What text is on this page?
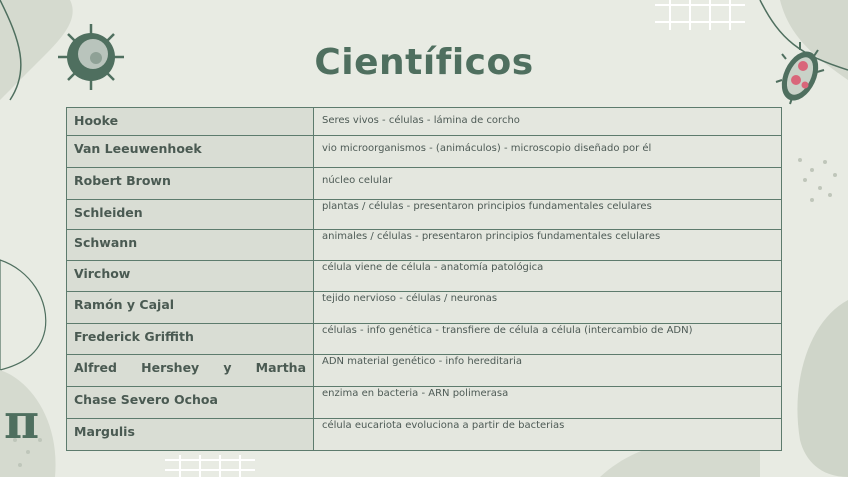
π
Científicos
Hooke	Seres vivos - células - lámina de corcho

Van Leeuwenhoek	vio microorganismos - (animáculos) - microscopio diseñado por él

Robert Brown	núcleo celular

Schleiden	plantas / células - presentaron principios fundamentales celulares

Schwann	animales / células - presentaron principios fundamentales celulares

Virchow	célula viene de célula - anatomía patológica

Ramón y Cajal	tejido nervioso - células / neuronas

Frederick Griffith	células - info genética - transfiere de célula a célula (intercambio de ADN)

Alfred Hershey y Martha	ADN material genético - info hereditaria

Chase Severo Ochoa	enzima en bacteria - ARN polimerasa

Margulis	célula eucariota evoluciona a partir de bacterias
